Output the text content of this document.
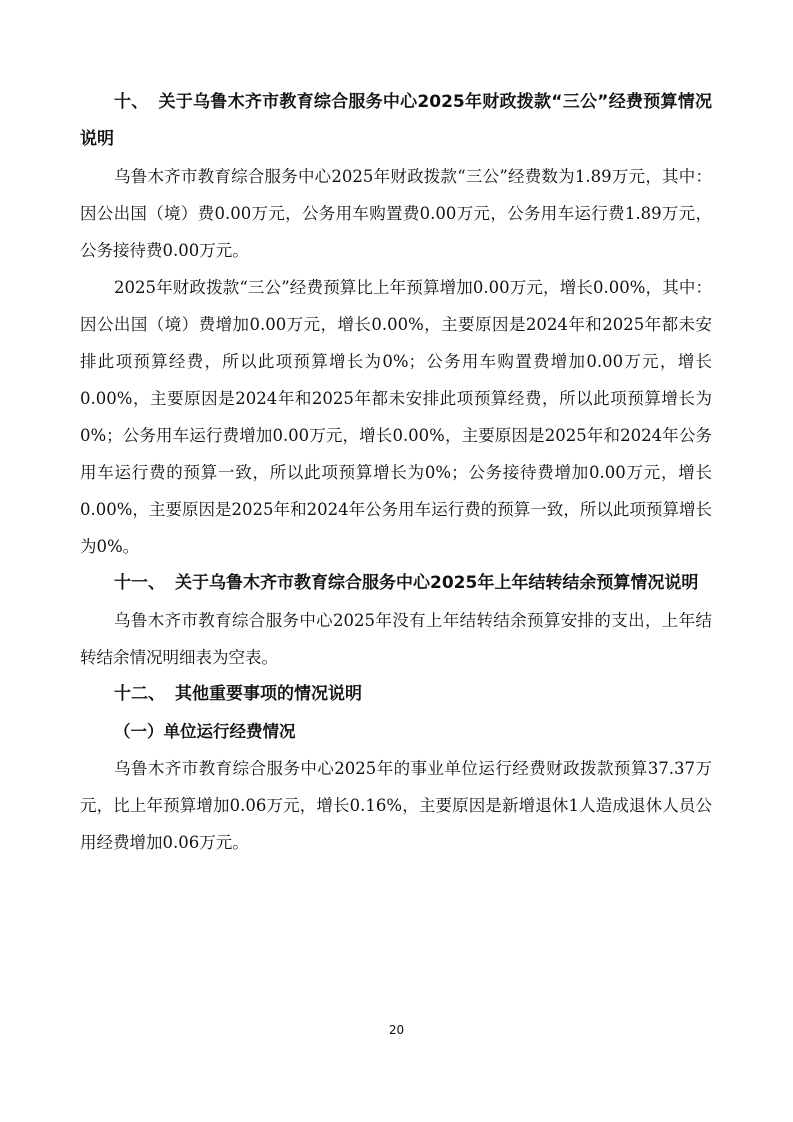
十、 关于乌鲁木齐市教育综合服务中心2025年财政拨款“三公”经费预算情况说明

乌鲁木齐市教育综合服务中心2025年财政拨款“三公”经费数为1.89万元，其中：因公出国（境）费0.00万元，公务用车购置费0.00万元，公务用车运行费1.89万元，公务接待费0.00万元。

2025年财政拨款“三公”经费预算比上年预算增加0.00万元，增长0.00%，其中：因公出国（境）费增加0.00万元，增长0.00%，主要原因是2024年和2025年都未安排此项预算经费，所以此项预算增长为0%；公务用车购置费增加0.00万元，增长0.00%，主要原因是2024年和2025年都未安排此项预算经费，所以此项预算增长为0%；公务用车运行费增加0.00万元，增长0.00%，主要原因是2025年和2024年公务用车运行费的预算一致，所以此项预算增长为0%；公务接待费增加0.00万元，增长0.00%，主要原因是2025年和2024年公务用车运行费的预算一致，所以此项预算增长为0%。

十一、 关于乌鲁木齐市教育综合服务中心2025年上年结转结余预算情况说明

乌鲁木齐市教育综合服务中心2025年没有上年结转结余预算安排的支出，上年结转结余情况明细表为空表。

十二、 其他重要事项的情况说明
（一）单位运行经费情况

乌鲁木齐市教育综合服务中心2025年的事业单位运行经费财政拨款预算37.37万元，比上年预算增加0.06万元，增长0.16%，主要原因是新增退休1人造成退休人员公用经费增加0.06万元。

20
